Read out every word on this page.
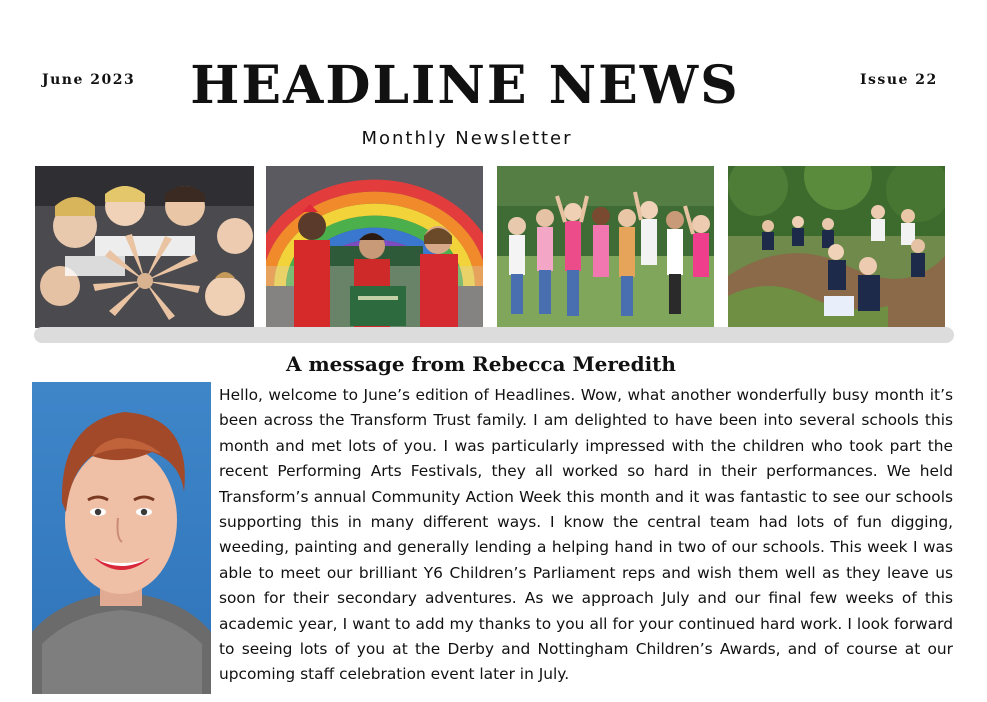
June 2023	HEADLINE NEWS	Issue 22
Monthly Newsletter
A message from Rebecca Meredith
Hello, welcome to June’s edition of Headlines. Wow, what another wonderfully busy month it’s been across the Transform Trust family. I am delighted to have been into several schools this month and met lots of you. I was particularly impressed with the children who took part the recent Performing Arts Festivals, they all worked so hard in their performances. We held Transform’s annual Community Action Week this month and it was fantastic to see our schools supporting this in many different ways. I know the central team had lots of fun digging, weeding, painting and generally lending a helping hand in two of our schools. This week I was able to meet our brilliant Y6 Children’s Parliament reps and wish them well as they leave us soon for their secondary adventures. As we approach July and our final few weeks of this academic year, I want to add my thanks to you all for your continued hard work. I look forward to seeing lots of you at the Derby and Nottingham Children’s Awards, and of course at our upcoming staff celebration event later in July.
